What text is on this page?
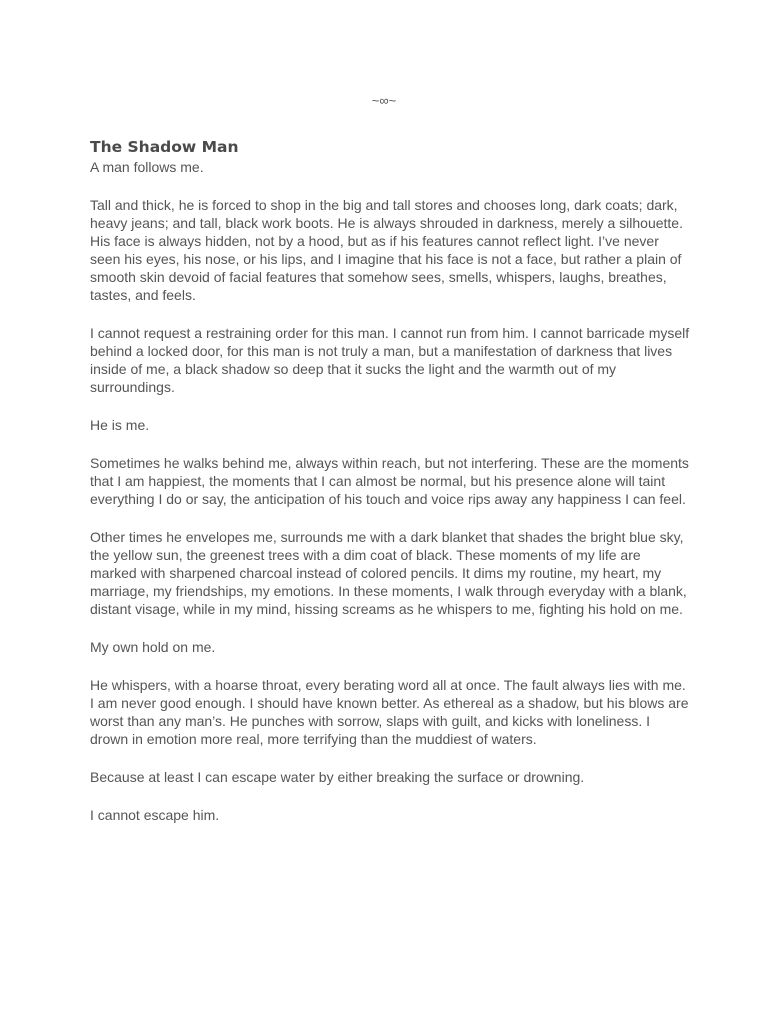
~∞~
The Shadow Man

A man follows me.

Tall and thick, he is forced to shop in the big and tall stores and chooses long, dark coats; dark, heavy jeans; and tall, black work boots. He is always shrouded in darkness, merely a silhouette. His face is always hidden, not by a hood, but as if his features cannot reflect light. I’ve never seen his eyes, his nose, or his lips, and I imagine that his face is not a face, but rather a plain of smooth skin devoid of facial features that somehow sees, smells, whispers, laughs, breathes, tastes, and feels.

I cannot request a restraining order for this man. I cannot run from him. I cannot barricade myself behind a locked door, for this man is not truly a man, but a manifestation of darkness that lives inside of me, a black shadow so deep that it sucks the light and the warmth out of my surroundings.

He is me.

Sometimes he walks behind me, always within reach, but not interfering. These are the moments that I am happiest, the moments that I can almost be normal, but his presence alone will taint everything I do or say, the anticipation of his touch and voice rips away any happiness I can feel.

Other times he envelopes me, surrounds me with a dark blanket that shades the bright blue sky, the yellow sun, the greenest trees with a dim coat of black. These moments of my life are marked with sharpened charcoal instead of colored pencils. It dims my routine, my heart, my marriage, my friendships, my emotions. In these moments, I walk through everyday with a blank, distant visage, while in my mind, hissing screams as he whispers to me, fighting his hold on me.

My own hold on me.

He whispers, with a hoarse throat, every berating word all at once. The fault always lies with me. I am never good enough. I should have known better. As ethereal as a shadow, but his blows are worst than any man’s. He punches with sorrow, slaps with guilt, and kicks with loneliness. I drown in emotion more real, more terrifying than the muddiest of waters.

Because at least I can escape water by either breaking the surface or drowning.

I cannot escape him.
